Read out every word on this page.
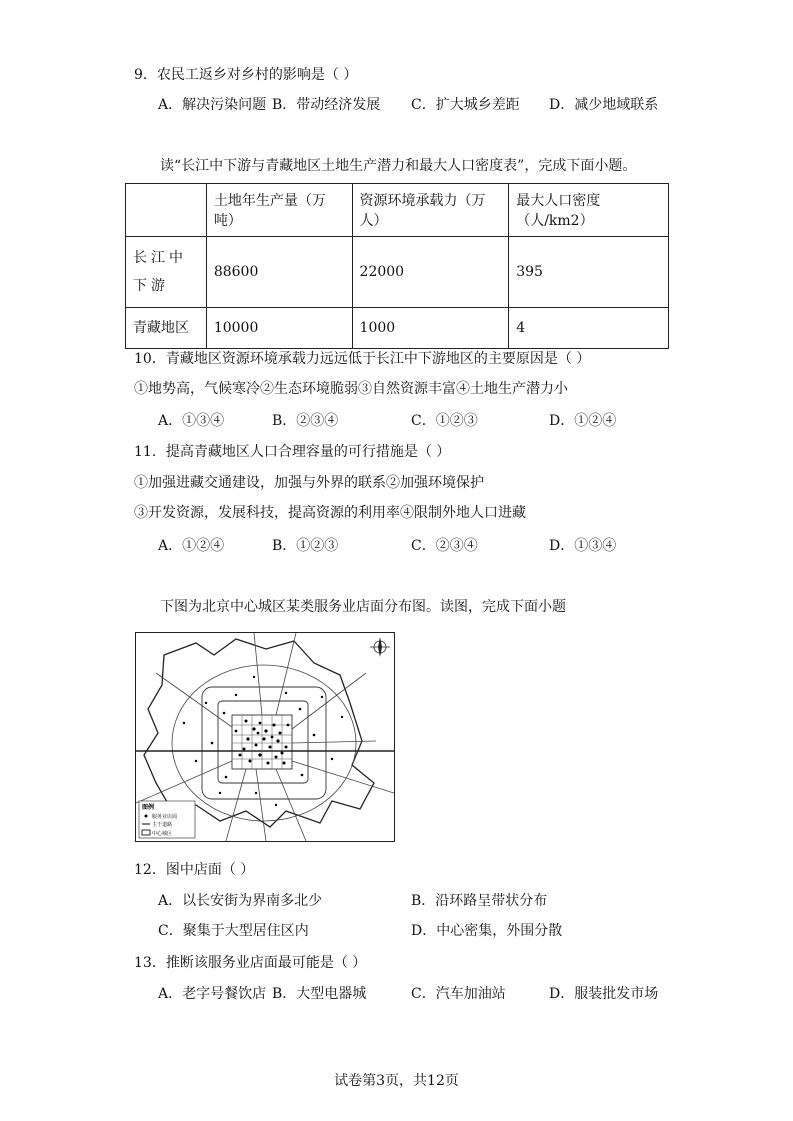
9．农民工返乡对乡村的影响是（ ）
A．解决污染问题 B．带动经济发展 C．扩大城乡差距 D．减少地域联系
读“长江中下游与青藏地区土地生产潜力和最大人口密度表”，完成下面小题。
	土地年生产量（万吨）	资源环境承载力（万人）	最大人口密度（人/km2）
长江中下游	88600	22000	395
青藏地区	10000	1000	4
10．青藏地区资源环境承载力远远低于长江中下游地区的主要原因是（ ）
①地势高，气候寒冷②生态环境脆弱③自然资源丰富④土地生产潜力小
A．①③④	B．②③④	C．①②③	D．①②④
11．提高青藏地区人口合理容量的可行措施是（ ）
①加强进藏交通建设，加强与外界的联系②加强环境保护
③开发资源，发展科技，提高资源的利用率④限制外地人口进藏
A．①②④	B．①②③	C．②③④	D．①③④
下图为北京中心城区某类服务业店面分布图。读图，完成下面小题
图例
服务业店面
主干道路
中心城区
12．图中店面（ ）
A．以长安街为界南多北少	B．沿环路呈带状分布
C．聚集于大型居住区内	D．中心密集，外围分散
13．推断该服务业店面最可能是（ ）
A．老字号餐饮店 B．大型电器城	C．汽车加油站	D．服装批发市场
试卷第3页，共12页
